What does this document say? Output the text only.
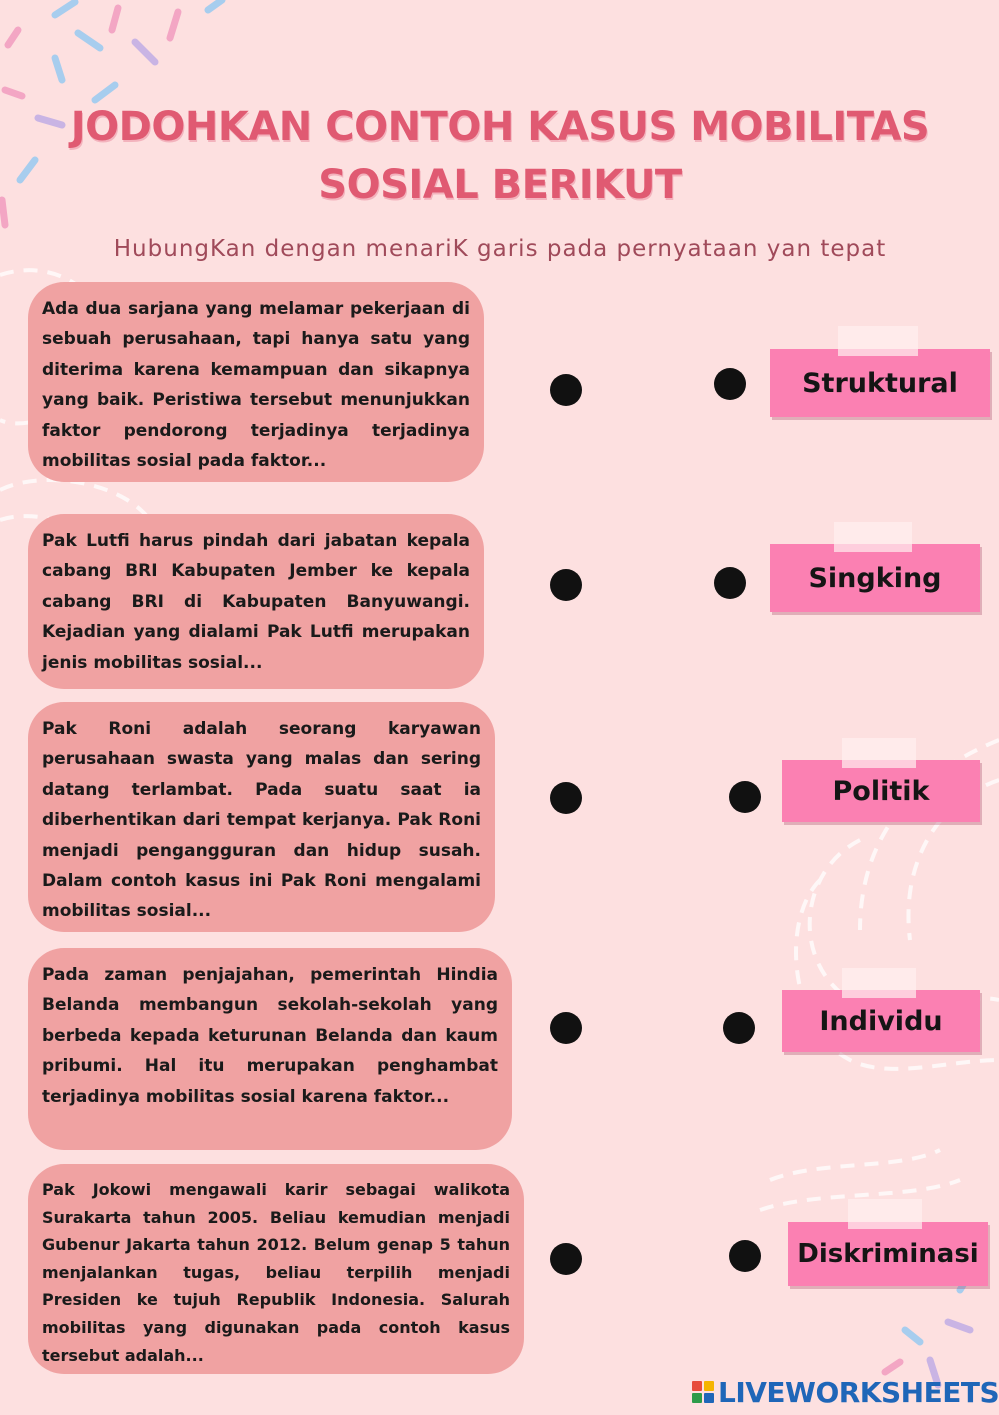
JODOHKAN CONTOH KASUS MOBILITAS
SOSIAL BERIKUT
HubungKan dengan menariK garis pada pernyataan yan tepat
Ada dua sarjana yang melamar pekerjaan di sebuah perusahaan, tapi hanya satu yang diterima karena kemampuan dan sikapnya yang baik. Peristiwa tersebut menunjukkan faktor pendorong terjadinya terjadinya mobilitas sosial pada faktor...
Pak Lutfi harus pindah dari jabatan kepala cabang BRI Kabupaten Jember ke kepala cabang BRI di Kabupaten Banyuwangi. Kejadian yang dialami Pak Lutfi merupakan jenis mobilitas sosial...
Pak Roni adalah seorang karyawan perusahaan swasta yang malas dan sering datang terlambat. Pada suatu saat ia diberhentikan dari tempat kerjanya. Pak Roni menjadi pengangguran dan hidup susah. Dalam contoh kasus ini Pak Roni mengalami mobilitas sosial...
Pada zaman penjajahan, pemerintah Hindia Belanda membangun sekolah-sekolah yang berbeda kepada keturunan Belanda dan kaum pribumi. Hal itu merupakan penghambat terjadinya mobilitas sosial karena faktor...
Pak Jokowi mengawali karir sebagai walikota Surakarta tahun 2005. Beliau kemudian menjadi Gubenur Jakarta tahun 2012. Belum genap 5 tahun menjalankan tugas, beliau terpilih menjadi Presiden ke tujuh Republik Indonesia. Salurah mobilitas yang digunakan pada contoh kasus tersebut adalah...
Struktural
Singking
Politik
Individu
Diskriminasi
LIVEWORKSHEETS
